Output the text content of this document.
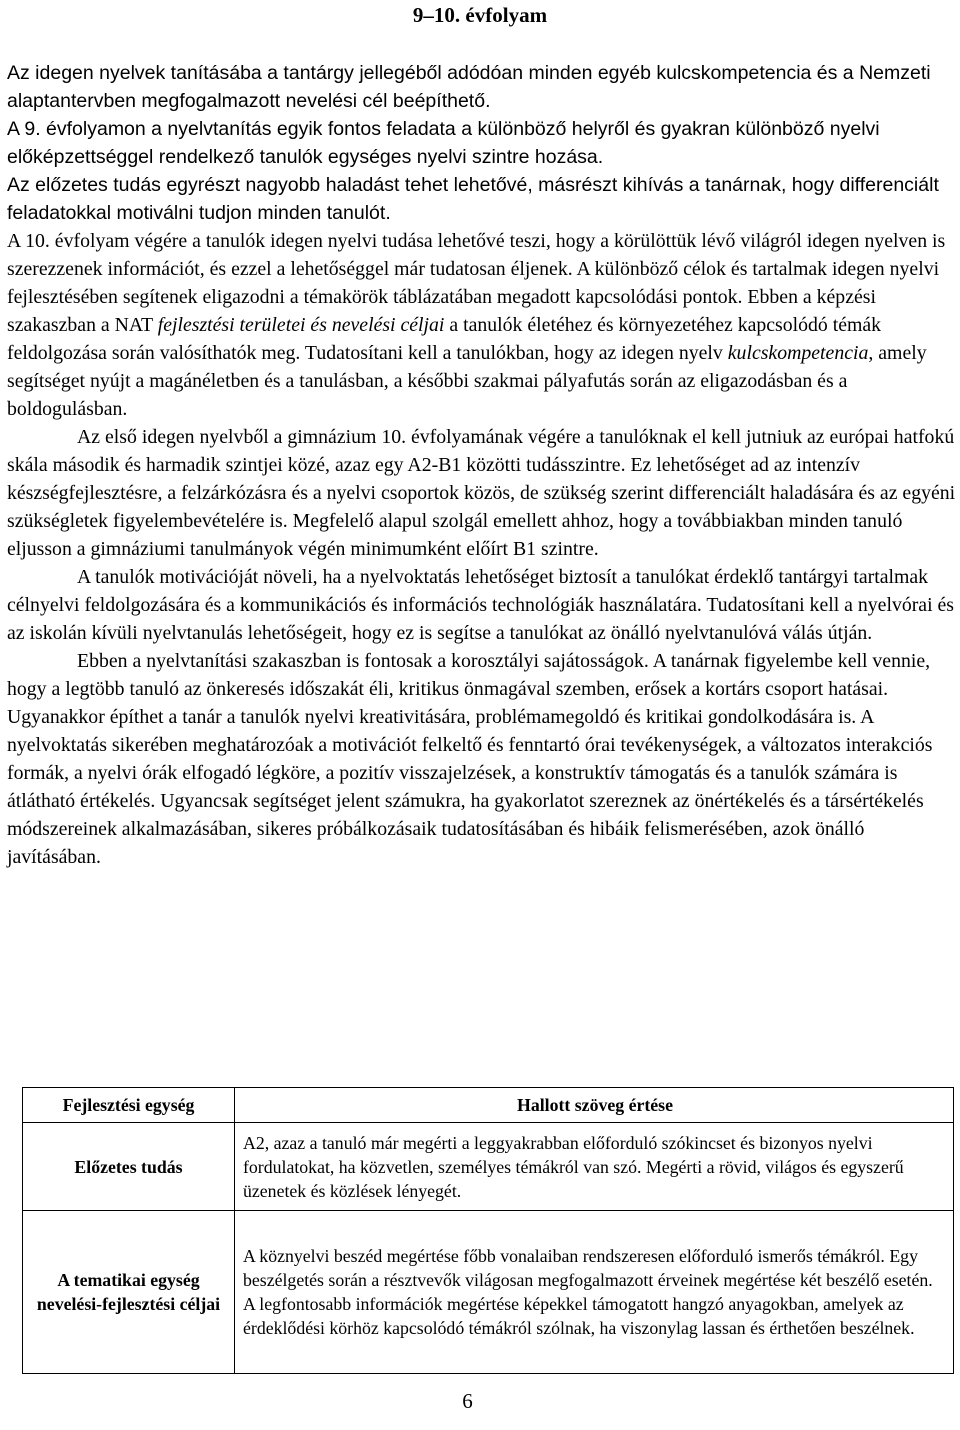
9–10. évfolyam

Az idegen nyelvek tanításába a tantárgy jellegéből adódóan minden egyéb kulcskompetencia és a Nemzeti alaptantervben megfogalmazott nevelési cél beépíthető.

A 9. évfolyamon a nyelvtanítás egyik fontos feladata a különböző helyről és gyakran különböző nyelvi előképzettséggel rendelkező tanulók egységes nyelvi szintre hozása.

Az előzetes tudás egyrészt nagyobb haladást tehet lehetővé, másrészt kihívás a tanárnak, hogy differenciált feladatokkal motiválni tudjon minden tanulót.

A 10. évfolyam végére a tanulók idegen nyelvi tudása lehetővé teszi, hogy a körülöttük lévő világról idegen nyelven is szerezzenek információt, és ezzel a lehetőséggel már tudatosan éljenek. A különböző célok és tartalmak idegen nyelvi fejlesztésében segítenek eligazodni a témakörök táblázatában megadott kapcsolódási pontok. Ebben a képzési szakaszban a NAT fejlesztési területei és nevelési céljai a tanulók életéhez és környezetéhez kapcsolódó témák feldolgozása során valósíthatók meg. Tudatosítani kell a tanulókban, hogy az idegen nyelv kulcskompetencia, amely segítséget nyújt a magánéletben és a tanulásban, a későbbi szakmai pályafutás során az eligazodásban és a boldogulásban.

Az első idegen nyelvből a gimnázium 10. évfolyamának végére a tanulóknak el kell jutniuk az európai hatfokú skála második és harmadik szintjei közé, azaz egy A2-B1 közötti tudásszintre. Ez lehetőséget ad az intenzív készségfejlesztésre, a felzárkózásra és a nyelvi csoportok közös, de szükség szerint differenciált haladására és az egyéni szükségletek figyelembevételére is. Megfelelő alapul szolgál emellett ahhoz, hogy a továbbiakban minden tanuló eljusson a gimnáziumi tanulmányok végén minimumként előírt B1 szintre.

A tanulók motivációját növeli, ha a nyelvoktatás lehetőséget biztosít a tanulókat érdeklő tantárgyi tartalmak célnyelvi feldolgozására és a kommunikációs és információs technológiák használatára. Tudatosítani kell a nyelvórai és az iskolán kívüli nyelvtanulás lehetőségeit, hogy ez is segítse a tanulókat az önálló nyelvtanulóvá válás útján.

Ebben a nyelvtanítási szakaszban is fontosak a korosztályi sajátosságok. A tanárnak figyelembe kell vennie, hogy a legtöbb tanuló az önkeresés időszakát éli, kritikus önmagával szemben, erősek a kortárs csoport hatásai. Ugyanakkor építhet a tanár a tanulók nyelvi kreativitására, problémamegoldó és kritikai gondolkodására is. A nyelvoktatás sikerében meghatározóak a motivációt felkeltő és fenntartó órai tevékenységek, a változatos interakciós formák, a nyelvi órák elfogadó légköre, a pozitív visszajelzések, a konstruktív támogatás és a tanulók számára is átlátható értékelés. Ugyancsak segítséget jelent számukra, ha gyakorlatot szereznek az önértékelés és a társértékelés módszereinek alkalmazásában, sikeres próbálkozásaik tudatosításában és hibáik felismerésében, azok önálló javításában.

Fejlesztési egység	Hallott szöveg értése
Előzetes tudás	A2, azaz a tanuló már megérti a leggyakrabban előforduló szókincset és bizonyos nyelvi fordulatokat, ha közvetlen, személyes témákról van szó. Megérti a rövid, világos és egyszerű üzenetek és közlések lényegét.
A tematikai egység nevelési-fejlesztési céljai	A köznyelvi beszéd megértése főbb vonalaiban rendszeresen előforduló ismerős témákról. Egy beszélgetés során a résztvevők világosan megfogalmazott érveinek megértése két beszélő esetén.
A legfontosabb információk megértése képekkel támogatott hangzó anyagokban, amelyek az érdeklődési körhöz kapcsolódó témákról szólnak, ha viszonylag lassan és érthetően beszélnek.
6
